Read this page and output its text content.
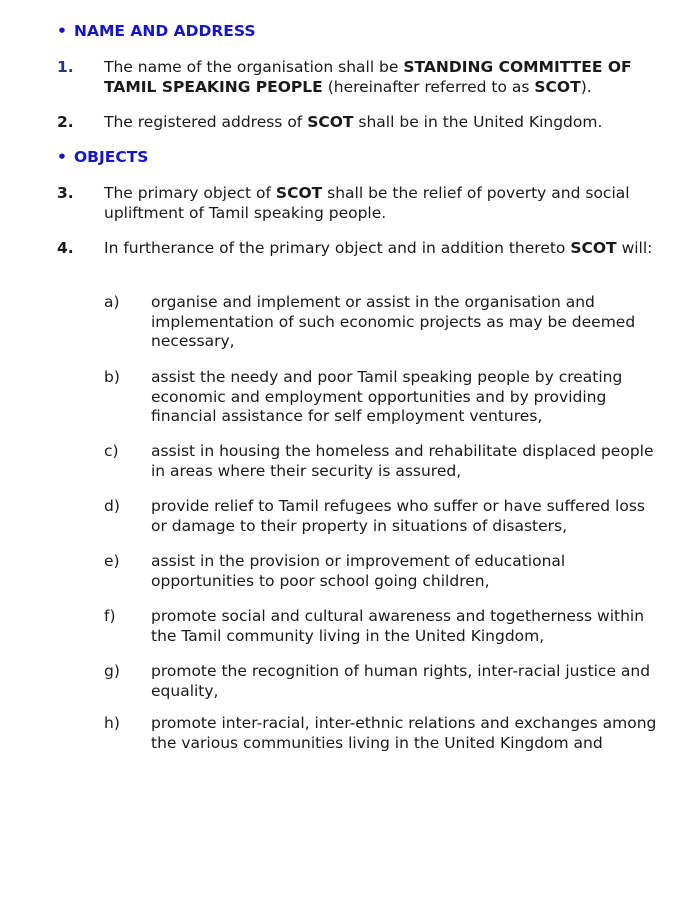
• NAME AND ADDRESS
1. The name of the organisation shall be STANDING COMMITTEE OF TAMIL SPEAKING PEOPLE (hereinafter referred to as SCOT).
2. The registered address of SCOT shall be in the United Kingdom.
• OBJECTS
3. The primary object of SCOT shall be the relief of poverty and social upliftment of Tamil speaking people.
4. In furtherance of the primary object and in addition thereto SCOT will:
a) organise and implement or assist in the organisation and implementation of such economic projects as may be deemed necessary,
b) assist the needy and poor Tamil speaking people by creating economic and employment opportunities and by providing financial assistance for self employment ventures,
c) assist in housing the homeless and rehabilitate displaced people in areas where their security is assured,
d) provide relief to Tamil refugees who suffer or have suffered loss or damage to their property in situations of disasters,
e) assist in the provision or improvement of educational opportunities to poor school going children,
f) promote social and cultural awareness and togetherness within the Tamil community living in the United Kingdom,
g) promote the recognition of human rights, inter-racial justice and equality,
h) promote inter-racial, inter-ethnic relations and exchanges among the various communities living in the United Kingdom and
